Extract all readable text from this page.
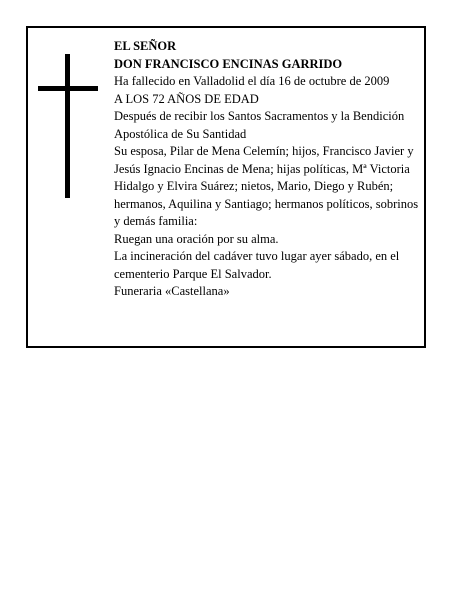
EL SEÑOR

DON FRANCISCO ENCINAS GARRIDO

Ha fallecido en Valladolid el día 16 de octubre de 2009

A LOS 72 AÑOS DE EDAD

Después de recibir los Santos Sacramentos y la Bendición Apostólica de Su Santidad

Su esposa, Pilar de Mena Celemín; hijos, Francisco Javier y Jesús Ignacio Encinas de Mena; hijas políticas, Mª Victoria Hidalgo y Elvira Suárez; nietos, Mario, Diego y Rubén; hermanos, Aquilina y Santiago; hermanos políticos, sobrinos y demás familia:

Ruegan una oración por su alma.

La incineración del cadáver tuvo lugar ayer sábado, en el cementerio Parque El Salvador.

Funeraria «Castellana»
